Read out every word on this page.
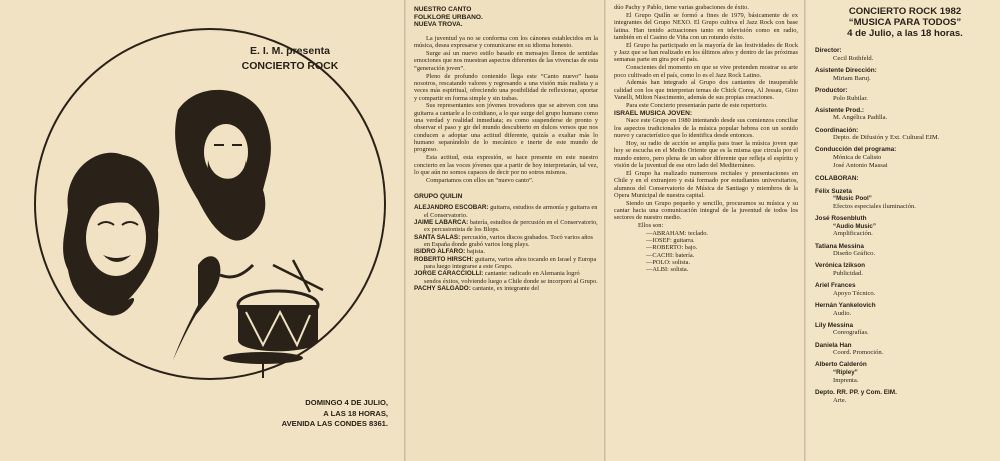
E. I. M. presenta
CONCIERTO ROCK
DOMINGO 4 DE JULIO,
A LAS 18 HORAS,
AVENIDA LAS CONDES 8361.
NUESTRO CANTO
FOLKLORE URBANO.
NUEVA TROVA.

La juventud ya no se conforma con los cánones establecidos en la música, desea expresarse y comunicarse en su idioma honesto.

Surge así un nuevo estilo basado en mensajes llenos de sentidas emociones que nos muestran aspectos diferentes de las vivencias de esta “generación joven”.

Pleno de profundo contenido llega este “Canto nuevo” hasta nosotros, rescatando valores y regresando a una visión más realista y a veces más espiritual, ofreciendo una posibilidad de reflexionar, aportar y compartir en forma simple y sin trabas.

Sus representantes son jóvenes trovadores que se atreven con una guitarra a cantarle a lo cotidiano, a lo que surge del grupo humano como una verdad y realidad inmediata; es como suspenderse de pronto y observar el paso y gir del mundo descubierto en dulces versos que nos conducen a adoptar una actitud diferente, quizás a exaltar más lo humano separándolo de lo mecánico e inerte de este mundo de progreso.

Esta actitud, esta expresión, se hace presente en este nuestro concierto en las voces jóvenes que a partir de hoy interpretarán, tal vez, lo que aún no somos capaces de decir por no sotros mismos.

Compartamos con ellos un “nuevo canto”.

GRUPO QUILIN
ALEJANDRO ESCOBAR: guitarra, estudios de armonía y guitarra en el Conservatorio.
JAIME LABARCA: batería, estudios de percusión en el Conservatorio, ex percusionista de los Blops.
SANTA SALAS: percusión, varios discos grabados. Tocó varios años en España donde grabó varios long plays.
ISIDRO ALFARO: bajista.
ROBERTO HIRSCH: guitarra, varios años tocando en Israel y Europa para luego integrarse a este Grupo.
JORGE CARACCIOLLI: cantante: radicado en Alemania logró sendos éxitos, volviendo luego a Chile donde se incorporó al Grupo.
PACHY SALGADO: cantante, ex integrante del

dúo Pachy y Pablo, tiene varias grabaciones de éxito.

El Grupo Quilín se formó a fines de 1979, básicamente de ex integrantes del Grupo NEXO. El Grupo cultiva el Jazz Rock con base latina. Han tenido actuaciones tanto en televisión como en radio, también en el Casino de Viña con un rotundo éxito.

El Grupo ha participado en la mayoría de las festividades de Rock y Jazz que se han realizado en los últimos años y dentro de las próximas semanas parte en gira por el país.

Conscientes del momento en que se vive pretenden mostrar su arte poco cultivado en el país, como lo es el Jazz Rock Latino.

Además han integrado al Grupo dos cantantes de insuperable calidad con los que interpretan temas de Chick Corea, Al Jessau, Gino Vanelli, Milton Nascimento, además de sus propias creaciones.

Para este Concierto presentarán parte de este repertorio.

ISRAEL MUSICA JOVEN:

Nace este Grupo en 1980 intentando desde sus comienzos conciliar los aspectos tradicionales de la música popular hebrea con un sonido nuevo y característico que lo identifica desde entonces.

Hoy, su radio de acción se amplía para traer la música joven que hoy se escucha en el Medio Oriente que es la misma que circula por el mundo entero, pero plena de un sabor diferente que refleja el espíritu y visión de la juventud de ese otro lado del Mediterráneo.

El Grupo ha realizado numerosos recitales y presentaciones en Chile y en el extranjero y está formado por estudiantes universitarios, alumnos del Conservatorio de Música de Santiago y miembros de la Opera Municipal de nuestra capital.

Siendo un Grupo pequeño y sencillo, procuramos su música y su cantar hacia una comunicación integral de la juventud de todos los sectores de nuestro medio.

Ellos son:
—ABRAHAM: teclado.
—IOSEF: guitarra.
—ROBERTO: bajo.
—CACHI: batería.
—POLO: solista.
—ALBI: solista.
CONCIERTO ROCK 1982
“MUSICA PARA TODOS”
4 de Julio, a las 18 horas.
Director:
Cecil Rothfeld.
Asistente Dirección:
Miriam Baruj.
Productor:
Polo Rubilar.
Asistente Prod.:
M. Angélica Padilla.
Coordinación:
Depto. de Difusión y Ext. Cultural EIM.
Conducción del programa:
Mónica de Calisto
José Antonio Massai
COLABORAN:
Félix Suzeta
“Music Pool”
Efectos especiales iluminación.
José Rosenbluth
“Audio Music”
Amplificación.
Tatiana Messina
Diseño Gráfico.
Verónica Izikson
Publicidad.
Ariel Frances
Apoyo Técnico.
Hernán Yankelovich
Audio.
Lily Messina
Coreografías.
Daniela Han
Coord. Promoción.
Alberto Calderón
“Ripley”
Imprenta.
Depto. RR. PP. y Com. EIM.
Arte.
